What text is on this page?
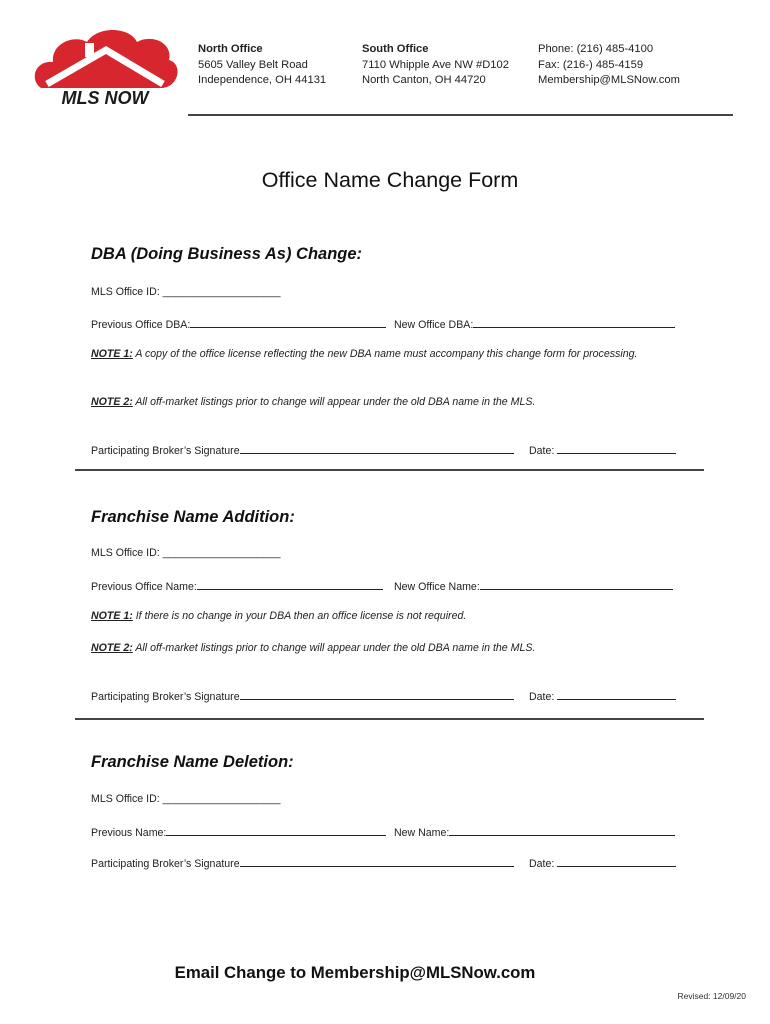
MLS NOW
North Office
5605 Valley Belt Road
Independence, OH 44131
South Office
7110 Whipple Ave NW #D102
North Canton, OH 44720
Phone: (216) 485-4100
Fax: (216-) 485-4159
Membership@MLSNow.com
Office Name Change Form
DBA (Doing Business As) Change:
MLS Office ID: ____________________
Previous Office DBA:	New Office DBA:
NOTE 1: A copy of the office license reflecting the new DBA name must accompany this change form for processing.
NOTE 2: All off-market listings prior to change will appear under the old DBA name in the MLS.
Participating Broker’s Signature	Date:
Franchise Name Addition:
MLS Office ID: ____________________
Previous Office Name:	New Office Name:
NOTE 1: If there is no change in your DBA then an office license is not required.
NOTE 2: All off-market listings prior to change will appear under the old DBA name in the MLS.
Participating Broker’s Signature	Date:
Franchise Name Deletion:
MLS Office ID: ____________________
Previous Name:	New Name:
Participating Broker’s Signature	Date:
Email Change to Membership@MLSNow.com
Revised: 12/09/20
